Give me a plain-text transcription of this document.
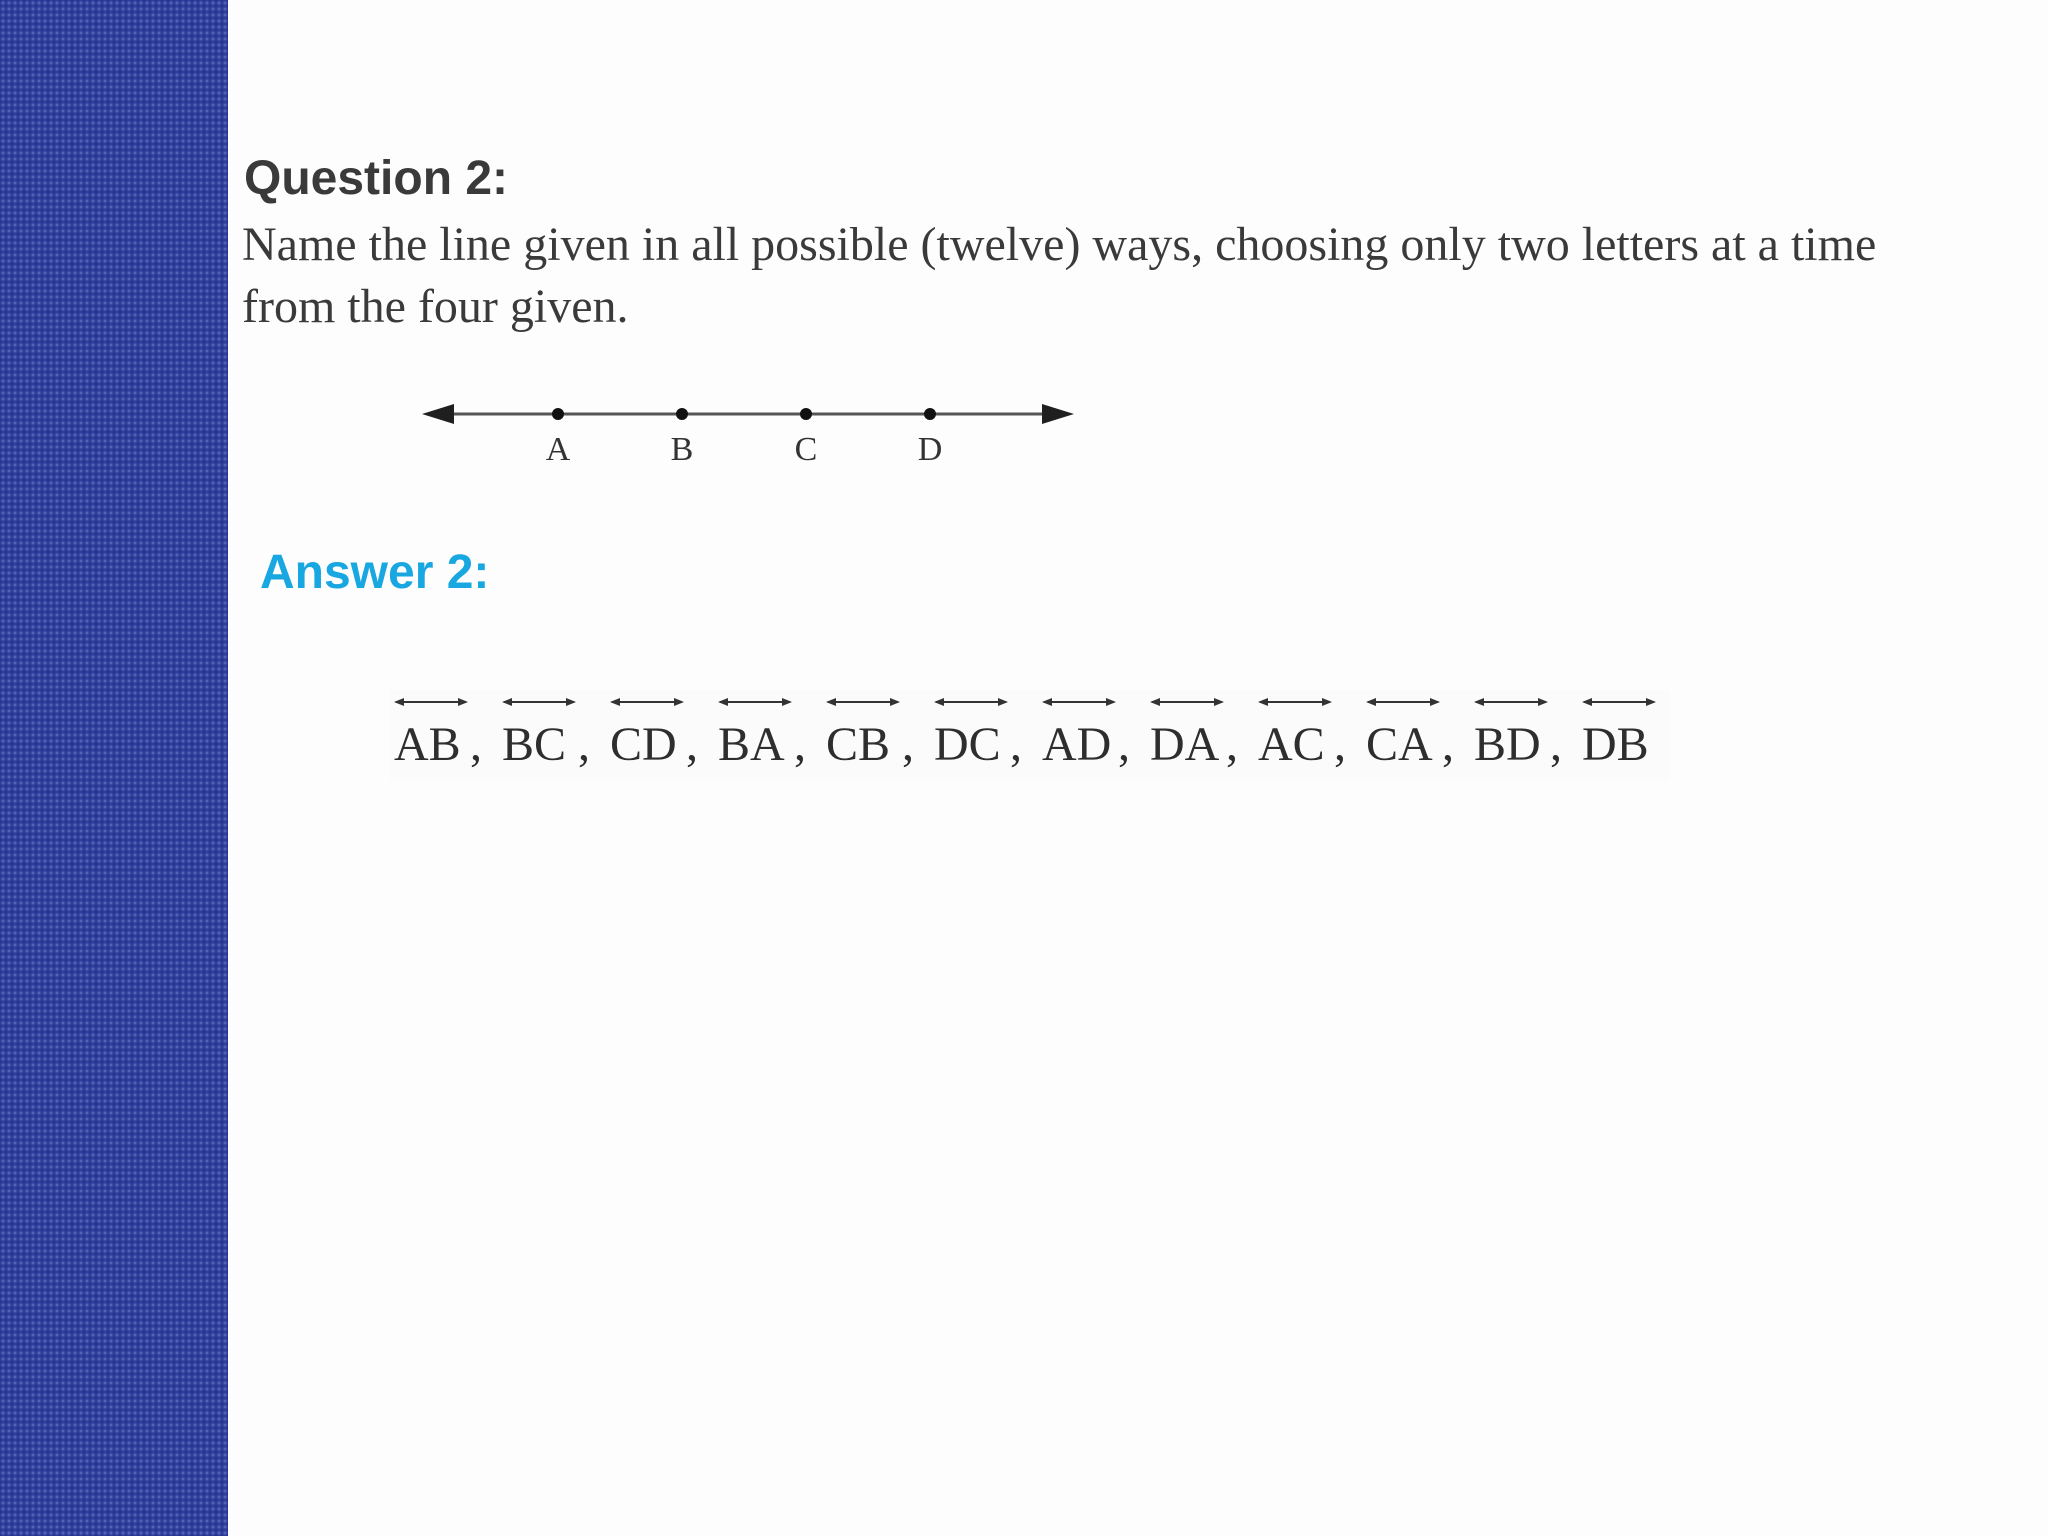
Question 2:

Name the line given in all possible (twelve) ways, choosing only two letters at a time from the four given.

A	B	C	D
Answer 2:
AB , BC , CD , BA , CB , DC , AD , DA , AC , CA , BD , DB
